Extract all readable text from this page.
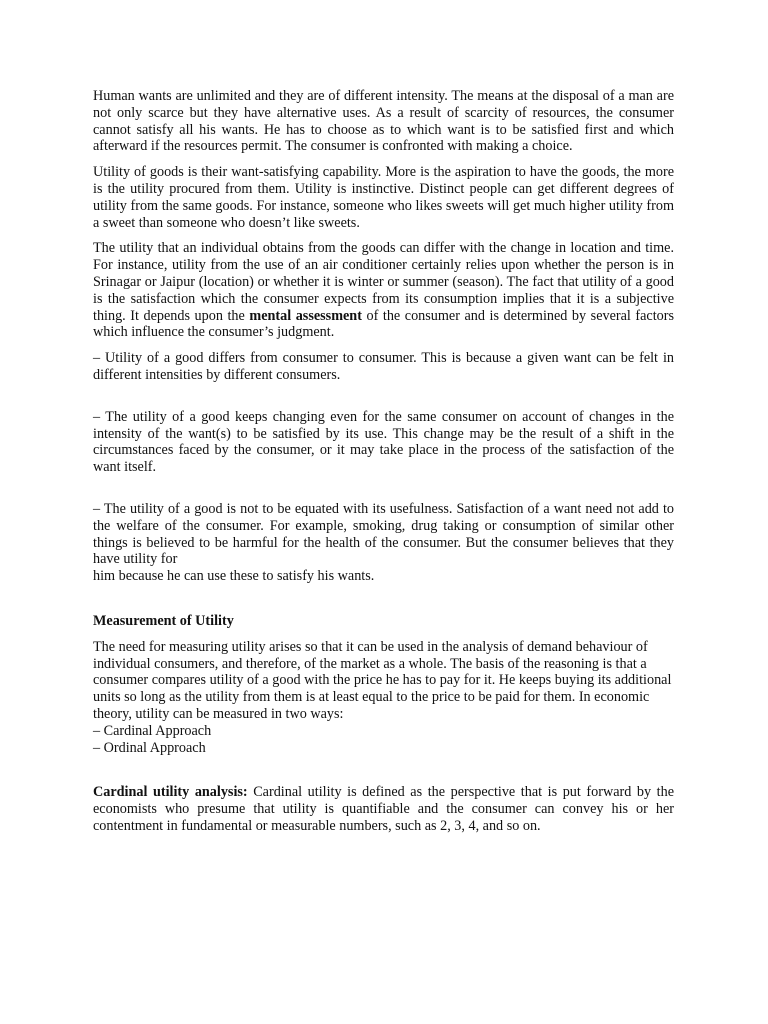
Human wants are unlimited and they are of different intensity. The means at the disposal of a man are not only scarce but they have alternative uses. As a result of scarcity of resources, the consumer cannot satisfy all his wants. He has to choose as to which want is to be satisfied first and which afterward if the resources permit. The consumer is confronted with making a choice.

Utility of goods is their want-satisfying capability. More is the aspiration to have the goods, the more is the utility procured from them. Utility is instinctive. Distinct people can get different degrees of utility from the same goods. For instance, someone who likes sweets will get much higher utility from a sweet than someone who doesn’t like sweets.

The utility that an individual obtains from the goods can differ with the change in location and time. For instance, utility from the use of an air conditioner certainly relies upon whether the person is in Srinagar or Jaipur (location) or whether it is winter or summer (season). The fact that utility of a good is the satisfaction which the consumer expects from its consumption implies that it is a subjective thing. It depends upon the mental assessment of the consumer and is determined by several factors which influence the consumer’s judgment.

– Utility of a good differs from consumer to consumer. This is because a given want can be felt in different intensities by different consumers.

– The utility of a good keeps changing even for the same consumer on account of changes in the intensity of the want(s) to be satisfied by its use. This change may be the result of a shift in the circumstances faced by the consumer, or it may take place in the process of the satisfaction of the want itself.

– The utility of a good is not to be equated with its usefulness. Satisfaction of a want need not add to the welfare of the consumer. For example, smoking, drug taking or consumption of similar other things is believed to be harmful for the health of the consumer. But the consumer believes that they have utility for
him because he can use these to satisfy his wants.

Measurement of Utility

The need for measuring utility arises so that it can be used in the analysis of demand behaviour of individual consumers, and therefore, of the market as a whole. The basis of the reasoning is that a consumer compares utility of a good with the price he has to pay for it. He keeps buying its additional units so long as the utility from them is at least equal to the price to be paid for them. In economic theory, utility can be measured in two ways:

– Cardinal Approach
– Ordinal Approach

Cardinal utility analysis: Cardinal utility is defined as the perspective that is put forward by the economists who presume that utility is quantifiable and the consumer can convey his or her contentment in fundamental or measurable numbers, such as 2, 3, 4, and so on.
